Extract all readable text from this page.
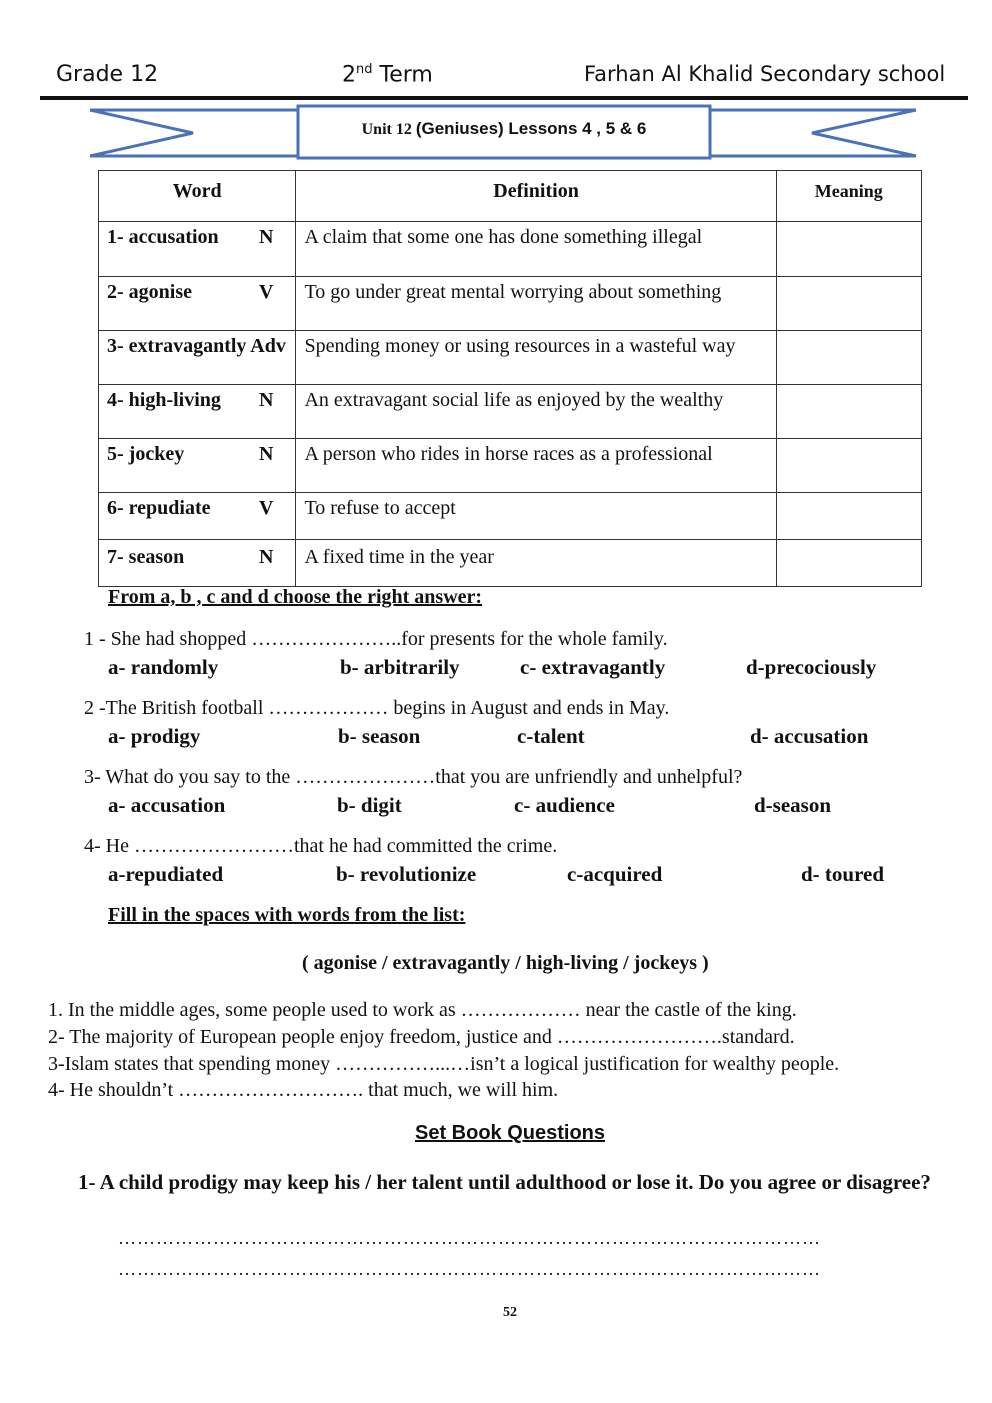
Grade 12	2nd Term	Farhan Al Khalid Secondary school
Unit 12 (Geniuses) Lessons 4 , 5 & 6
Word	Definition	Meaning
1- accusation N	A claim that some one has done something illegal	
2- agonise V	To go under great mental worrying about something	
3- extravagantly Adv	Spending money or using resources in a wasteful way	
4- high-living N	An extravagant social life as enjoyed by the wealthy	
5- jockey N	A person who rides in horse races as a professional	
6- repudiate V	To refuse to accept	
7- season N	A fixed time in the year	
From a, b , c and d choose the right answer:
1 - She had shopped …………………..for presents for the whole family.
a- randomly	b- arbitrarily	c- extravagantly	d-precociously
2 -The British football ……………… begins in August and ends in May.
a- prodigy	b- season	c-talent	d- accusation
3- What do you say to the …………………that you are unfriendly and unhelpful?
a- accusation	b- digit	c- audience	d-season
4- He ……………………that he had committed the crime.
a-repudiated	b- revolutionize	c-acquired	d- toured
Fill in the spaces with words from the list:
( agonise / extravagantly / high-living / jockeys )
1. In the middle ages, some people used to work as ……………… near the castle of the king.
2- The majority of European people enjoy freedom, justice and …………………….standard.
3-Islam states that spending money ……………...…isn’t a logical justification for wealthy people.
4- He shouldn’t ………………………. that much, we will him.
Set Book Questions
1- A child prodigy may keep his / her talent until adulthood or lose it. Do you agree or disagree?
…………………………………………………………………………………………………
…………………………………………………………………………………………………
52
